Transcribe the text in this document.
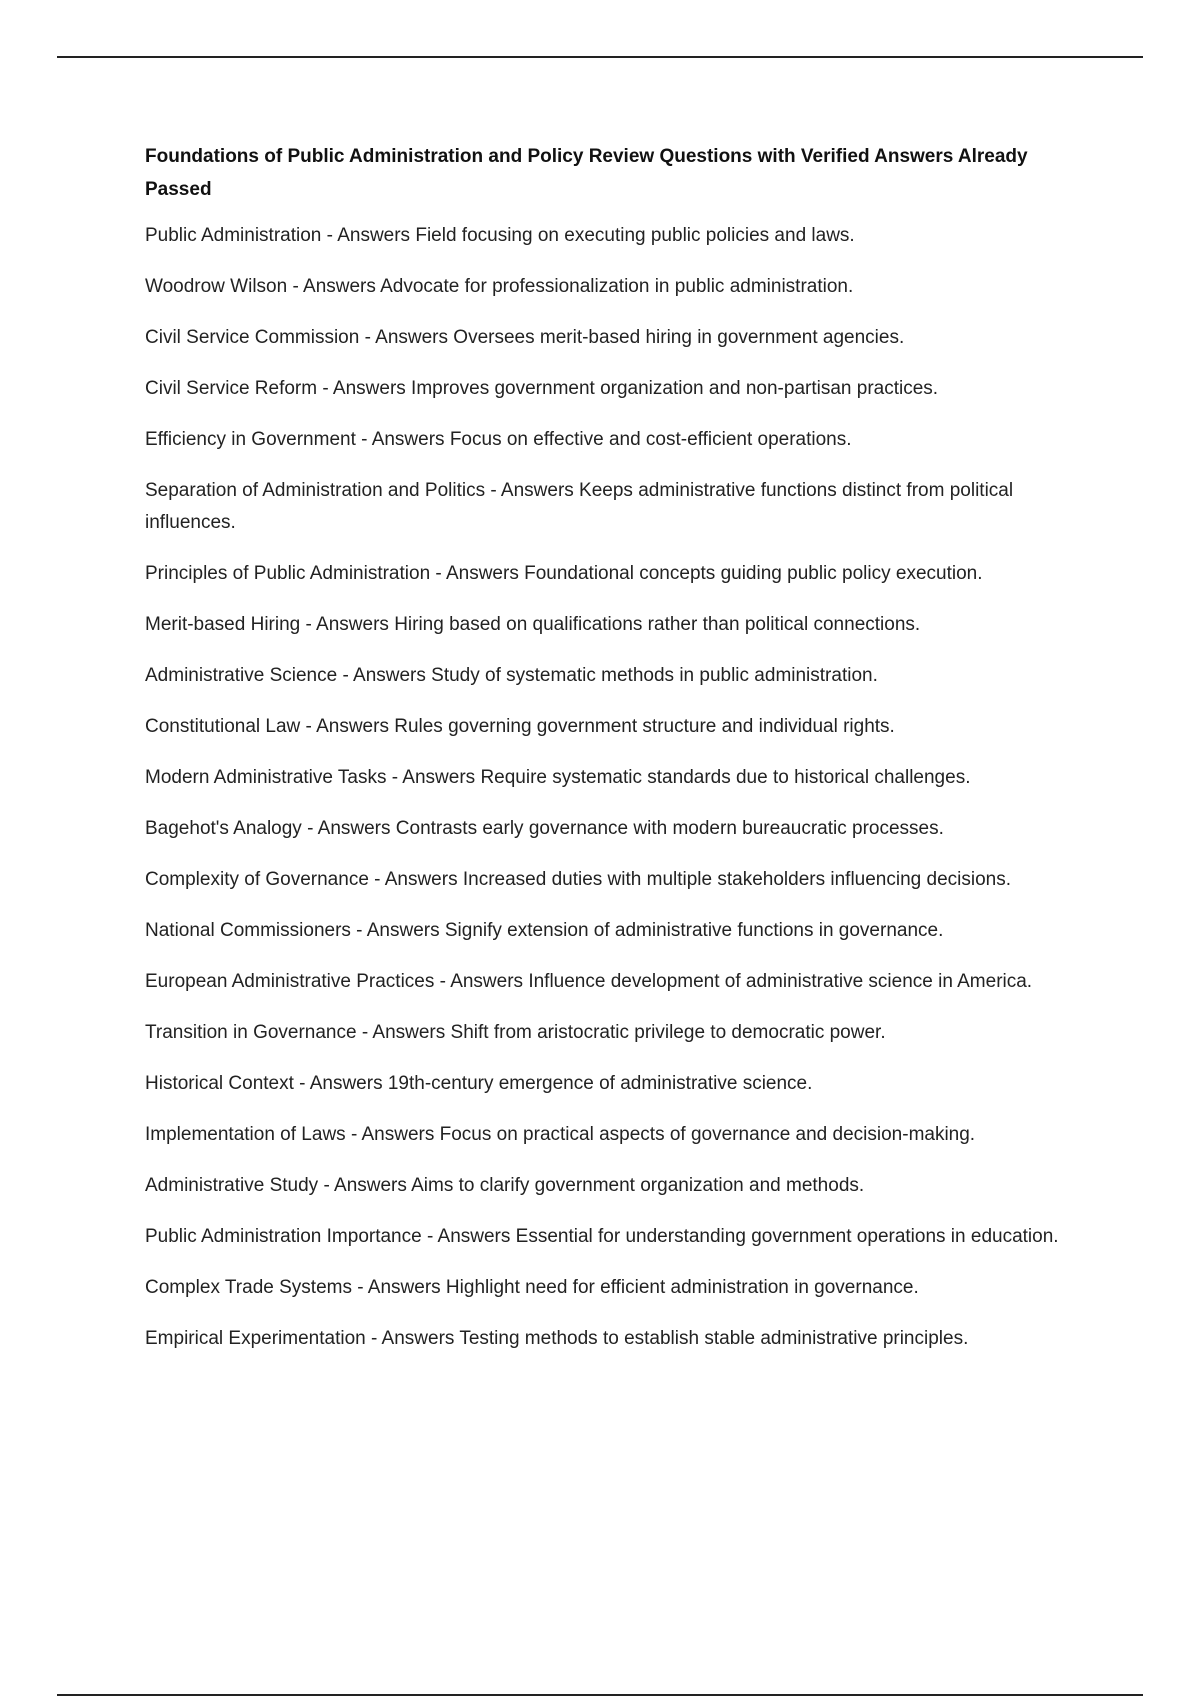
Foundations of Public Administration and Policy Review Questions with Verified Answers Already Passed
Public Administration - Answers Field focusing on executing public policies and laws.
Woodrow Wilson - Answers Advocate for professionalization in public administration.
Civil Service Commission - Answers Oversees merit-based hiring in government agencies.
Civil Service Reform - Answers Improves government organization and non-partisan practices.
Efficiency in Government - Answers Focus on effective and cost-efficient operations.
Separation of Administration and Politics - Answers Keeps administrative functions distinct from political influences.
Principles of Public Administration - Answers Foundational concepts guiding public policy execution.
Merit-based Hiring - Answers Hiring based on qualifications rather than political connections.
Administrative Science - Answers Study of systematic methods in public administration.
Constitutional Law - Answers Rules governing government structure and individual rights.
Modern Administrative Tasks - Answers Require systematic standards due to historical challenges.
Bagehot's Analogy - Answers Contrasts early governance with modern bureaucratic processes.
Complexity of Governance - Answers Increased duties with multiple stakeholders influencing decisions.
National Commissioners - Answers Signify extension of administrative functions in governance.
European Administrative Practices - Answers Influence development of administrative science in America.
Transition in Governance - Answers Shift from aristocratic privilege to democratic power.
Historical Context - Answers 19th-century emergence of administrative science.
Implementation of Laws - Answers Focus on practical aspects of governance and decision-making.
Administrative Study - Answers Aims to clarify government organization and methods.
Public Administration Importance - Answers Essential for understanding government operations in education.
Complex Trade Systems - Answers Highlight need for efficient administration in governance.
Empirical Experimentation - Answers Testing methods to establish stable administrative principles.
